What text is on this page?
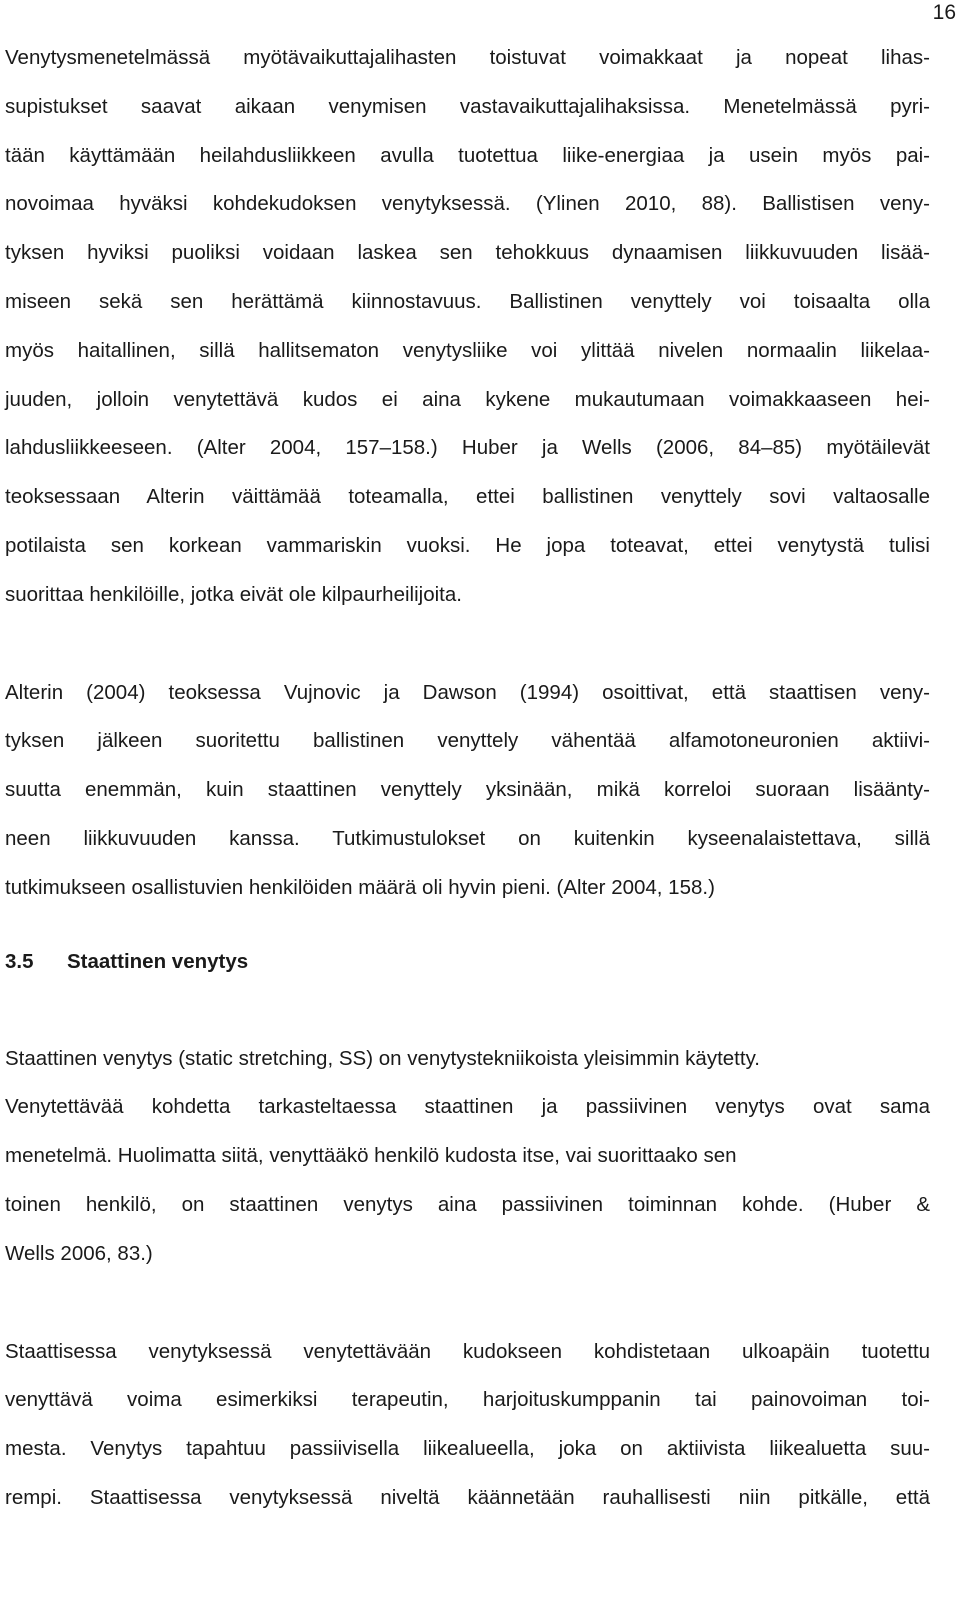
16
Venytysmenetelmässä myötävaikuttajalihasten toistuvat voimakkaat ja nopeat lihas-
supistukset saavat aikaan venymisen vastavaikuttajalihaksissa. Menetelmässä pyri-
tään käyttämään heilahdusliikkeen avulla tuotettua liike-energiaa ja usein myös pai-
novoimaa hyväksi kohdekudoksen venytyksessä. (Ylinen 2010, 88). Ballistisen veny-
tyksen hyviksi puoliksi voidaan laskea sen tehokkuus dynaamisen liikkuvuuden lisää-
miseen sekä sen herättämä kiinnostavuus. Ballistinen venyttely voi toisaalta olla
myös haitallinen, sillä hallitsematon venytysliike voi ylittää nivelen normaalin liikelaa-
juuden, jolloin venytettävä kudos ei aina kykene mukautumaan voimakkaaseen hei-
lahdusliikkeeseen. (Alter 2004, 157–158.) Huber ja Wells (2006, 84–85) myötäilevät
teoksessaan Alterin väittämää toteamalla, ettei ballistinen venyttely sovi valtaosalle
potilaista sen korkean vammariskin vuoksi. He jopa toteavat, ettei venytystä tulisi
suorittaa henkilöille, jotka eivät ole kilpaurheilijoita.
Alterin (2004) teoksessa Vujnovic ja Dawson (1994) osoittivat, että staattisen veny-
tyksen jälkeen suoritettu ballistinen venyttely vähentää alfamotoneuronien aktiivi-
suutta enemmän, kuin staattinen venyttely yksinään, mikä korreloi suoraan lisäänty-
neen liikkuvuuden kanssa. Tutkimustulokset on kuitenkin kyseenalaistettava, sillä
tutkimukseen osallistuvien henkilöiden määrä oli hyvin pieni. (Alter 2004, 158.)
3.5 Staattinen venytys
Staattinen venytys (static stretching, SS) on venytystekniikoista yleisimmin käytetty.
Venytettävää kohdetta tarkasteltaessa staattinen ja passiivinen venytys ovat sama
menetelmä. Huolimatta siitä, venyttääkö henkilö kudosta itse, vai suorittaako sen
toinen henkilö, on staattinen venytys aina passiivinen toiminnan kohde. (Huber &
Wells 2006, 83.)
Staattisessa venytyksessä venytettävään kudokseen kohdistetaan ulkoapäin tuotettu
venyttävä voima esimerkiksi terapeutin, harjoituskumppanin tai painovoiman toi-
mesta. Venytys tapahtuu passiivisella liikealueella, joka on aktiivista liikealuetta suu-
rempi. Staattisessa venytyksessä niveltä käännetään rauhallisesti niin pitkälle, että
